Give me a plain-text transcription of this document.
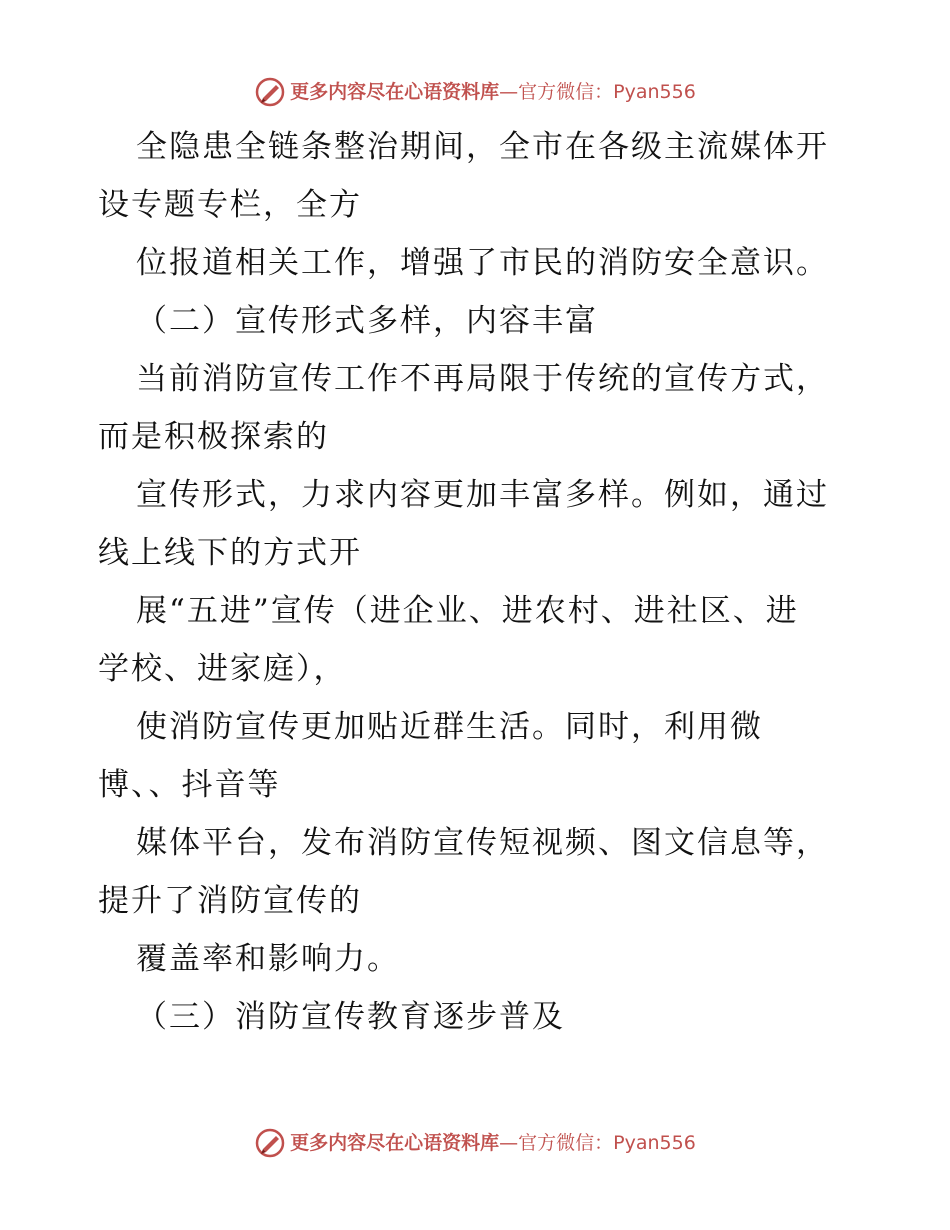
更多内容尽在心语资料库 —官方微信：Pyan556
全隐患全链条整治期间，全市在各级主流媒体开
设专题专栏，全方
位报道相关工作，增强了市民的消防安全意识。
（二）宣传形式多样，内容丰富
当前消防宣传工作不再局限于传统的宣传方式，
而是积极探索的
宣传形式，力求内容更加丰富多样。例如，通过
线上线下的方式开
展“五进”宣传（进企业、进农村、进社区、进
学校、进家庭），
使消防宣传更加贴近群生活。同时，利用微
博、、抖音等
媒体平台，发布消防宣传短视频、图文信息等，
提升了消防宣传的
覆盖率和影响力。
（三）消防宣传教育逐步普及
更多内容尽在心语资料库 —官方微信：Pyan556
